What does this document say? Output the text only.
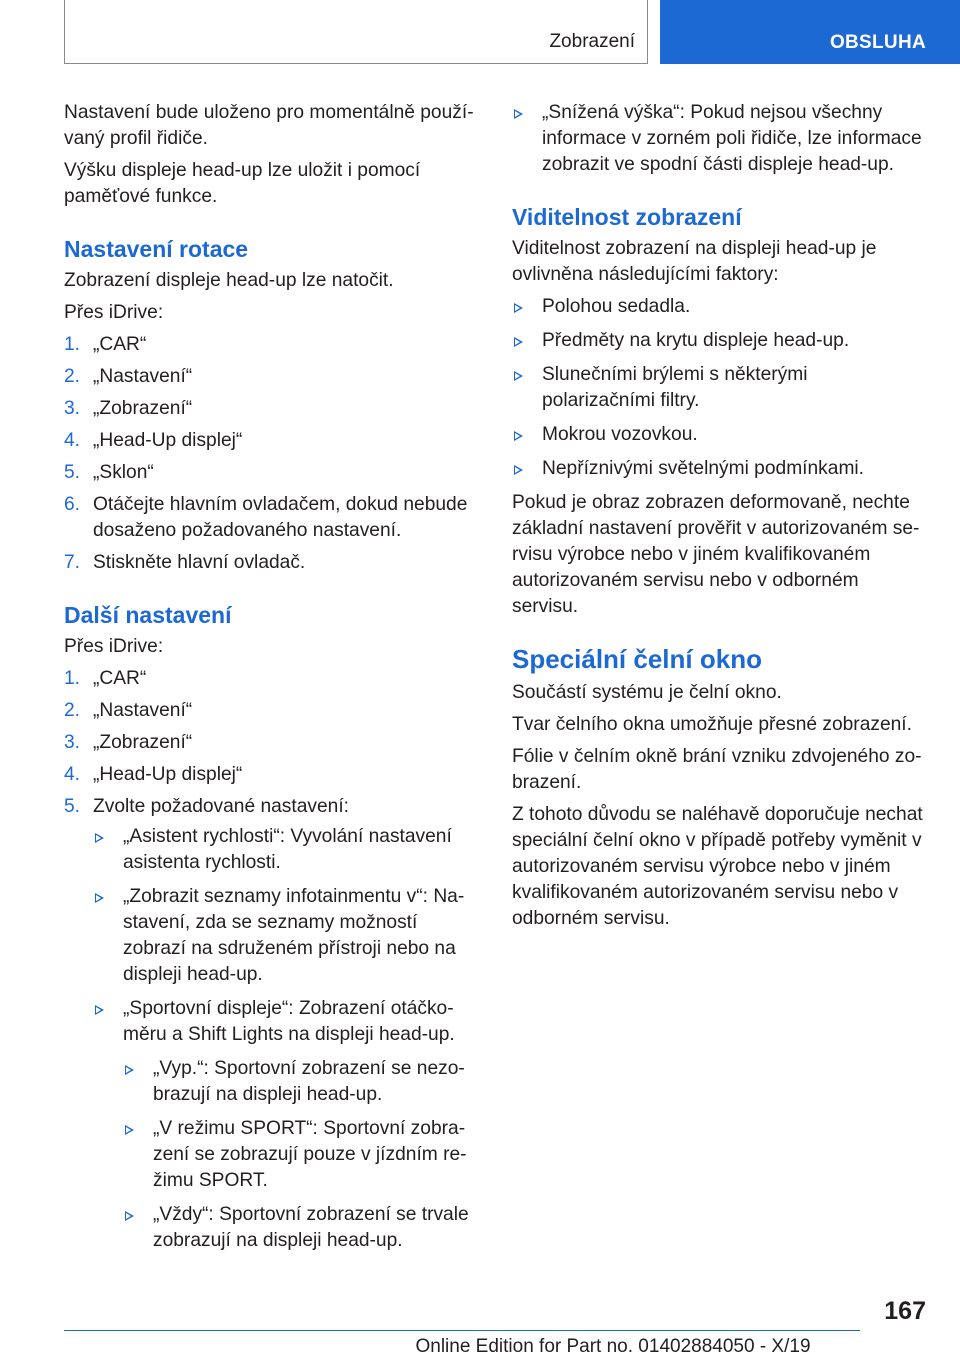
Zobrazení	OBSLUHA

Nastavení bude uloženo pro momentálně používaný profil řidiče.

Výšku displeje head-up lze uložit i pomocí paměťové funkce.

Nastavení rotace

Zobrazení displeje head-up lze natočit.

Přes iDrive:

1. „CAR“
2. „Nastavení“
3. „Zobrazení“
4. „Head-Up displej“
5. „Sklon“
6. Otáčejte hlavním ovladačem, dokud nebude dosaženo požadovaného nastavení.
7. Stiskněte hlavní ovladač.
Další nastavení

Přes iDrive:

1. „CAR“
2. „Nastavení“
3. „Zobrazení“
4. „Head-Up displej“
5. Zvolte požadované nastavení:
„Asistent rychlosti“: Vyvolání nastavení asistenta rychlosti.
„Zobrazit seznamy infotainmentu v“: Nastavení, zda se seznamy možností zobrazí na sdruženém přístroji nebo na displeji head-up.
„Sportovní displeje“: Zobrazení otáčkoměru a Shift Lights na displeji head-up.
„Vyp.“: Sportovní zobrazení se nezobrazují na displeji head-up.
„V režimu SPORT“: Sportovní zobrazení se zobrazují pouze v jízdním režimu SPORT.
„Vždy“: Sportovní zobrazení se trvale zobrazují na displeji head-up.
„Snížená výška“: Pokud nejsou všechny informace v zorném poli řidiče, lze informace zobrazit ve spodní části displeje head-up.
Viditelnost zobrazení

Viditelnost zobrazení na displeji head-up je ovlivněna následujícími faktory:

Polohou sedadla.
Předměty na krytu displeje head-up.
Slunečními brýlemi s některými polarizačními filtry.
Mokrou vozovkou.
Nepříznivými světelnými podmínkami.

Pokud je obraz zobrazen deformovaně, nechte základní nastavení prověřit v autorizovaném servisu výrobce nebo v jiném kvalifikovaném autorizovaném servisu nebo v odborném servisu.

Speciální čelní okno

Součástí systému je čelní okno.

Tvar čelního okna umožňuje přesné zobrazení.

Fólie v čelním okně brání vzniku zdvojeného zobrazení.

Z tohoto důvodu se naléhavě doporučuje nechat speciální čelní okno v případě potřeby vyměnit v autorizovaném servisu výrobce nebo v jiném kvalifikovaném autorizovaném servisu nebo v odborném servisu.

167
Online Edition for Part no. 01402884050 - X/19
